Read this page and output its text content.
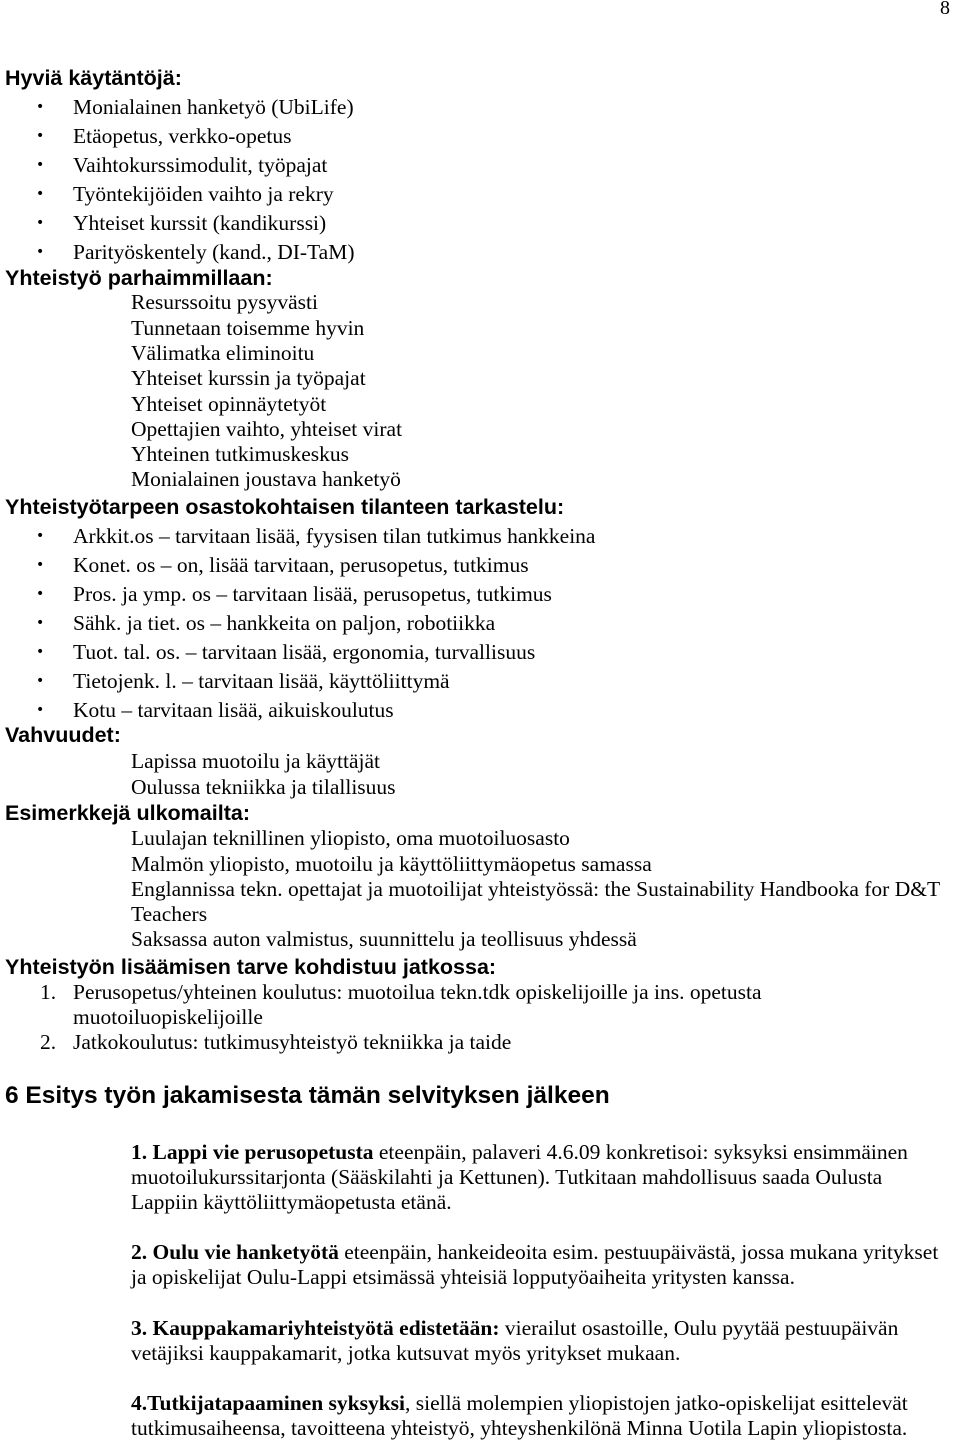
8
Hyviä käytäntöjä:
•
Monialainen hanketyö (UbiLife)
•
Etäopetus, verkko-opetus
•
Vaihtokurssimodulit, työpajat
•
Työntekijöiden vaihto ja rekry
•
Yhteiset kurssit (kandikurssi)
•
Parityöskentely (kand., DI-TaM)
Yhteistyö parhaimmillaan:
Resurssoitu pysyvästi
Tunnetaan toisemme hyvin
Välimatka eliminoitu
Yhteiset kurssin ja työpajat
Yhteiset opinnäytetyöt
Opettajien vaihto, yhteiset virat
Yhteinen tutkimuskeskus
Monialainen joustava hanketyö
Yhteistyötarpeen osastokohtaisen tilanteen tarkastelu:
•
Arkkit.os – tarvitaan lisää, fyysisen tilan tutkimus hankkeina
•
Konet. os – on, lisää tarvitaan, perusopetus, tutkimus
•
Pros. ja ymp. os – tarvitaan lisää, perusopetus, tutkimus
•
Sähk. ja tiet. os – hankkeita on paljon, robotiikka
•
Tuot. tal. os. – tarvitaan lisää, ergonomia, turvallisuus
•
Tietojenk. l. – tarvitaan lisää, käyttöliittymä
•
Kotu – tarvitaan lisää, aikuiskoulutus
Vahvuudet:
Lapissa muotoilu ja käyttäjät
Oulussa tekniikka ja tilallisuus
Esimerkkejä ulkomailta:
Luulajan teknillinen yliopisto, oma muotoiluosasto
Malmön yliopisto, muotoilu ja käyttöliittymäopetus samassa
Englannissa tekn. opettajat ja muotoilijat yhteistyössä: the Sustainability Handbooka for D&T
Teachers
Saksassa auton valmistus, suunnittelu ja teollisuus yhdessä
Yhteistyön lisäämisen tarve kohdistuu jatkossa:
1. Perusopetus/yhteinen koulutus: muotoilua tekn.tdk opiskelijoille ja ins. opetusta
muotoiluopiskelijoille
2. Jatkokoulutus: tutkimusyhteistyö tekniikka ja taide
6 Esitys työn jakamisesta tämän selvityksen jälkeen
1. Lappi vie perusopetusta eteenpäin, palaveri 4.6.09 konkretisoi: syksyksi ensimmäinen
muotoilukurssitarjonta (Sääskilahti ja Kettunen). Tutkitaan mahdollisuus saada Oulusta
Lappiin käyttöliittymäopetusta etänä.
2. Oulu vie hanketyötä eteenpäin, hankeideoita esim. pestuupäivästä, jossa mukana yritykset
ja opiskelijat Oulu-Lappi etsimässä yhteisiä lopputyöaiheita yritysten kanssa.
3. Kauppakamariyhteistyötä edistetään: vierailut osastoille, Oulu pyytää pestuupäivän
vetäjiksi kauppakamarit, jotka kutsuvat myös yritykset mukaan.
4.Tutkijatapaaminen syksyksi, siellä molempien yliopistojen jatko-opiskelijat esittelevät
tutkimusaiheensa, tavoitteena yhteistyö, yhteyshenkilönä Minna Uotila Lapin yliopistosta.
